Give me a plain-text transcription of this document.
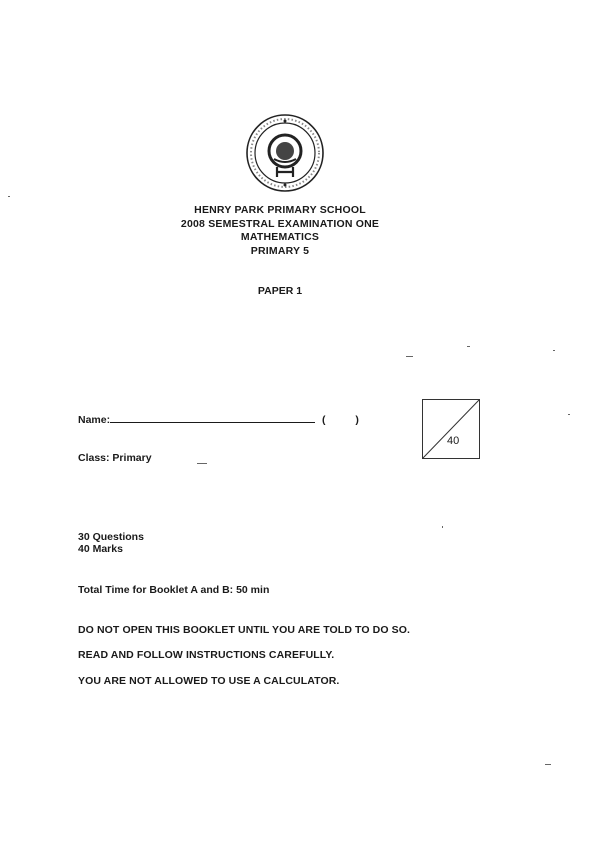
HENRY PARK PRIMARY SCHOOL
2008 SEMESTRAL EXAMINATION ONE
MATHEMATICS
PRIMARY 5
PAPER 1
Name:	(	)
Class: Primary
40
30 Questions
40 Marks
Total Time for Booklet A and B: 50 min
DO NOT OPEN THIS BOOKLET UNTIL YOU ARE TOLD TO DO SO.
READ AND FOLLOW INSTRUCTIONS CAREFULLY.
YOU ARE NOT ALLOWED TO USE A CALCULATOR.
